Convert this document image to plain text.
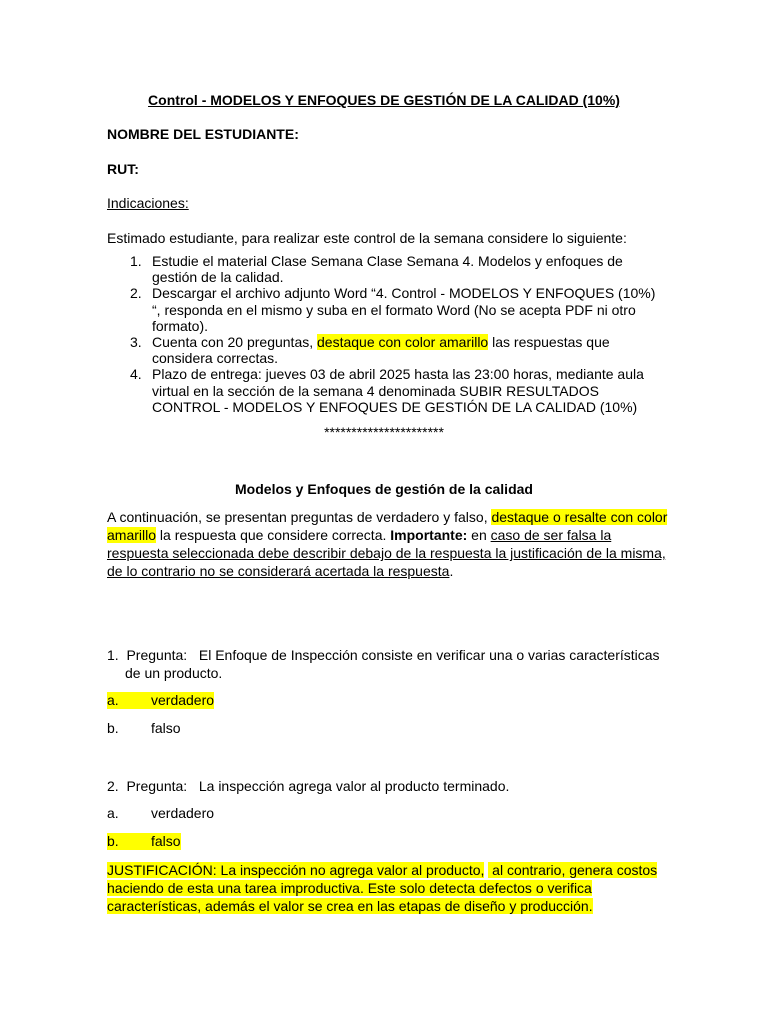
Control - MODELOS Y ENFOQUES DE GESTIÓN DE LA CALIDAD (10%)
NOMBRE DEL ESTUDIANTE:
RUT:
Indicaciones:
Estimado estudiante, para realizar este control de la semana considere lo siguiente:
1. Estudie el material Clase Semana Clase Semana 4. Modelos y enfoques de
gestión de la calidad.
2. Descargar el archivo adjunto Word “4. Control - MODELOS Y ENFOQUES (10%)
“, responda en el mismo y suba en el formato Word (No se acepta PDF ni otro
formato).
3. Cuenta con 20 preguntas, destaque con color amarillo las respuestas que
considera correctas.
4. Plazo de entrega: jueves 03 de abril 2025 hasta las 23:00 horas, mediante aula
virtual en la sección de la semana 4 denominada SUBIR RESULTADOS
CONTROL - MODELOS Y ENFOQUES DE GESTIÓN DE LA CALIDAD (10%)
**********************
Modelos y Enfoques de gestión de la calidad
A continuación, se presentan preguntas de verdadero y falso, destaque o resalte con color
amarillo la respuesta que considere correcta. Importante: en caso de ser falsa la
respuesta seleccionada debe describir debajo de la respuesta la justificación de la misma,
de lo contrario no se considerará acertada la respuesta.
1. Pregunta: El Enfoque de Inspección consiste en verificar una o varias características
de un producto.
a. verdadero
b. falso
2. Pregunta: La inspección agrega valor al producto terminado.
a. verdadero
b. falso
JUSTIFICACIÓN: La inspección no agrega valor al producto,  al contrario, genera costos
haciendo de esta una tarea improductiva. Este solo detecta defectos o verifica
características, además el valor se crea en las etapas de diseño y producción.
